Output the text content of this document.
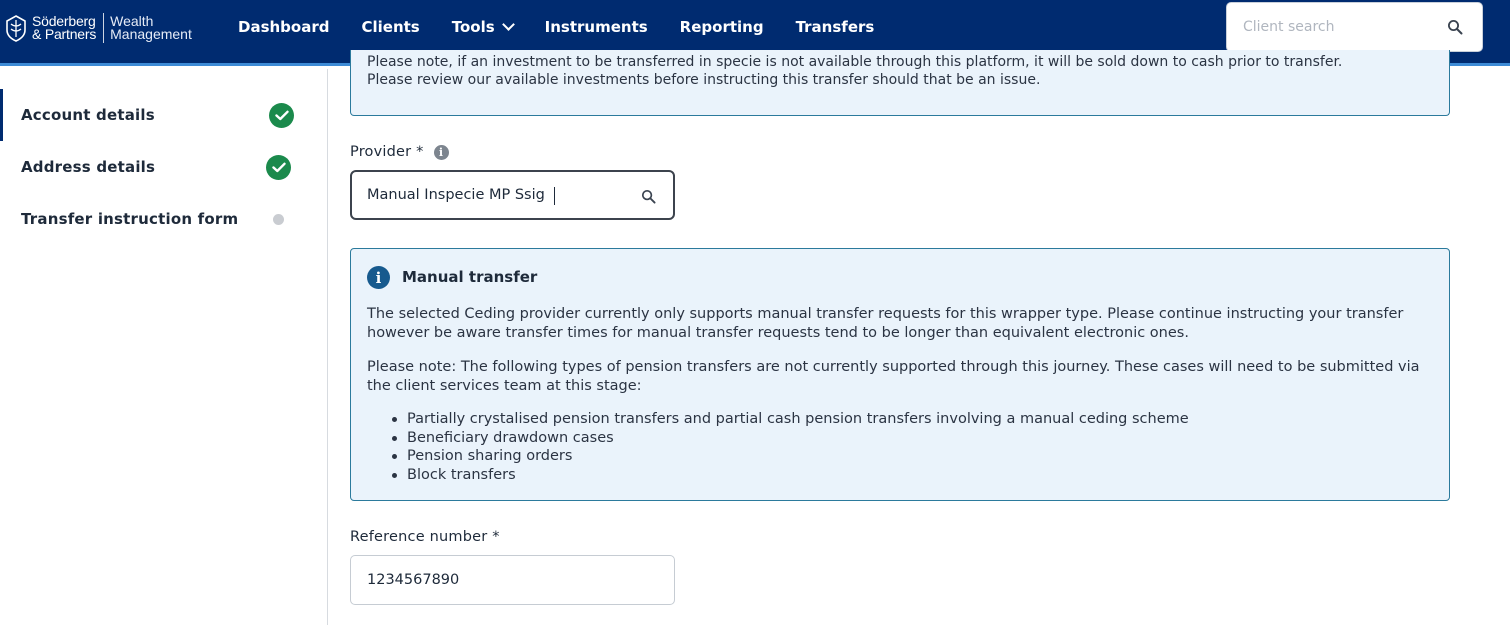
Söderberg
& Partners
Wealth
Management	Dashboard Clients Tools	Instruments Reporting Transfers
Client search
Account details
Address details
Transfer instruction form

Please note, if an investment to be transferred in specie is not available through this platform, it will be sold down to cash prior to transfer.

Please review our available investments before instructing this transfer should that be an issue.

Provider *	i
Manual Inspecie MP Ssig
i	Manual transfer

The selected Ceding provider currently only supports manual transfer requests for this wrapper type. Please continue instructing your transfer however be aware transfer times for manual transfer requests tend to be longer than equivalent electronic ones.

Please note: The following types of pension transfers are not currently supported through this journey. These cases will need to be submitted via the client services team at this stage:

Partially crystalised pension transfers and partial cash pension transfers involving a manual ceding scheme
Beneficiary drawdown cases
Pension sharing orders
Block transfers
Reference number *
1234567890
